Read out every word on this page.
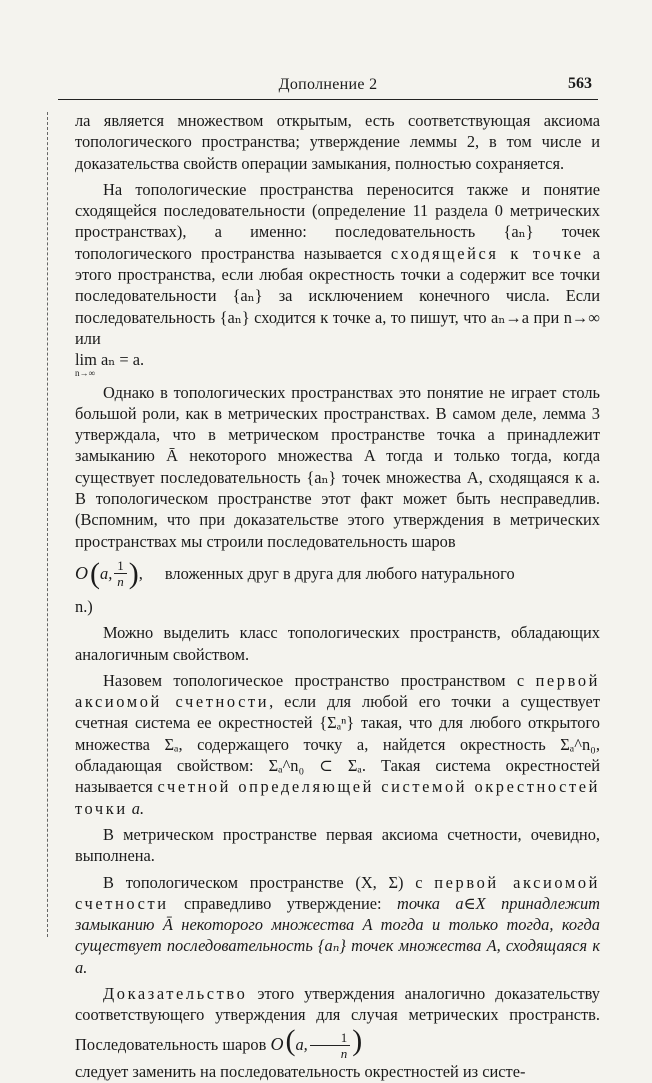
Дополнение 2	563

ла является множеством открытым, есть соответствующая аксиома топологического пространства; утверждение леммы 2, в том числе и доказательства свойств операции замыкания, полностью сохраняется.

На топологические пространства переносится также и понятие сходящейся последовательности (определение 11 раздела 0 метрических пространствах), а именно: последовательность {aₙ} точек топологического пространства называется сходящейся к точке a этого пространства, если любая окрестность точки a содержит все точки последовательности {aₙ} за исключением конечного числа. Если последовательность {aₙ} сходится к точке a, то пишут, что aₙ→a при n→∞ или

lim aₙ = a.
n→∞

Однако в топологических пространствах это понятие не играет столь большой роли, как в метрических пространствах. В самом деле, лемма 3 утверждала, что в метрическом пространстве точка a принадлежит замыканию Ā некоторого множества A тогда и только тогда, когда существует последовательность {aₙ} точек множества A, сходящаяся к a. В топологическом пространстве этот факт может быть несправедлив. (Вспомним, что при доказательстве этого утверждения в метрических пространствах мы строили последовательность шаров

O ( a, $\frac{1}{n}$ ) , вложенных друг в друга для любого натурального

n.)

Можно выделить класс топологических пространств, обладающих аналогичным свойством.

Назовем топологическое пространство пространством с первой аксиомой счетности, если для любой его точки a существует счетная система ее окрестностей {Σₐⁿ} такая, что для любого открытого множества Σₐ, содержащего точку a, найдется окрестность Σₐ^n₀, обладающая свойством: Σₐ^n₀ ⊂ Σₐ. Такая система окрестностей называется счетной определяющей системой окрестностей точки a.

В метрическом пространстве первая аксиома счетности, очевидно, выполнена.

В топологическом пространстве (X, Σ) с первой аксиомой счетности справедливо утверждение: точка a∈X принадлежит замыканию Ā некоторого множества A тогда и только тогда, когда существует последовательность {aₙ} точек множества A, сходящаяся к a.

Доказательство этого утверждения аналогично доказательству соответствующего утверждения для случая метрических пространств. Последовательность шаров O(a, $\frac{1}{n}$ )

следует заменить на последовательность окрестностей из систе-
